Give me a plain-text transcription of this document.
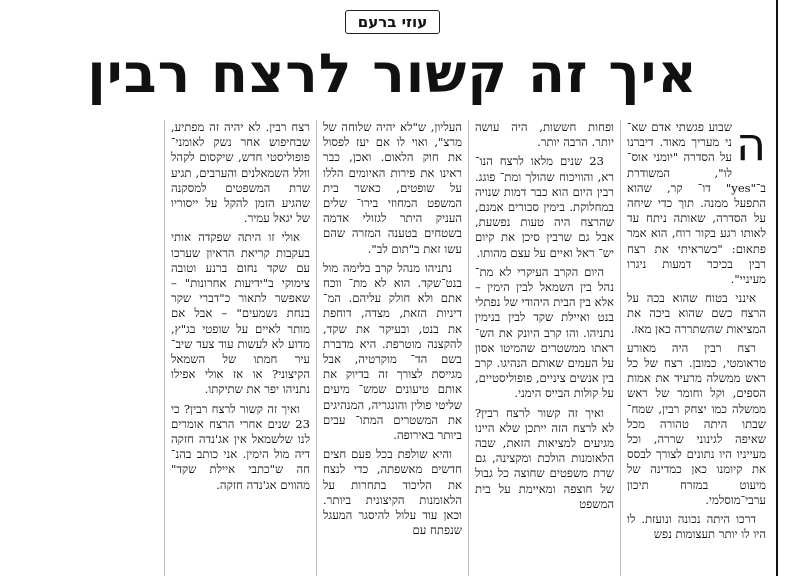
עוזי ברעם
איך זה קשור לרצח רבין
ה

שבוע פגשתי אדם שא־ ני מעריך מאוד. דיברנו על הסדרה "יומני אוס־ לו", המשודרת ב־"yes" דו־ קר, שהוא התפעל ממנה. תוך כדי שיחה על הסדרה, שאותה ניתח עד לאותו רגע בקור רוח, הוא אמר פתאום: "כשראיתי את רצח רבין בכיכר דמעות ניגרו מעיניי".

אינני בטוח שהוא בכה על הרצח כשם שהוא ביכה את המציאות שהשתררה כאן מאז.

רצח רבין היה מאורע טראומטי, כמובן. רצח של כל ראש ממשלה מרעיד את אמות הספים, וקל וחומר של ראש ממשלה כמו יצחק רבין, שמח־ שבתו היתה טהורה מכל שאיפה לגינוני שררה, וכל מעייניו היו נתונים לצורך לבסס את קיומנו כאן כמדינה של מיעוט במזרח תיכון ערבי־מוסלמי.

דרכו היתה נכונה ונועזת. לו היו לו יותר תעצומות נפש

ופחות חששות, היה עושה יותר. הרבה יותר.

23 שנים מלאו לרצח הנו־ רא, והוויכוח שהולך ומת־ פוגג. רבין היום הוא כבר דמות שנויה במחלוקת. בימין סבורים אמנם, שהרצח היה טעות נפשעת, אבל גם שרבין סיכן את קיום יש־ ראל ואיים על עצם מהותו.

היום הקרב העיקרי לא מת־ נהל בין השמאל לבין הימין – אלא בין הבית היהודי של נפתלי בנט ואיילת שקד לבין בנימין נתניהו. והו קרב היונק את הש־ ראתו ממשטרים שהמיטו אסון על העמים שאותם הנהיגו. קרב בין אנשים ציניים, פופוליסטיים, על קולות הבייס הימני.

ואיך זה קשור לרצח רבין? לא לרצח הזה ייתכן שלא היינו מגיעים למציאות הזאת, שבה הלאומנות הולכת ומקצינה, גם שרת משפטים שחוצה כל גבול של חוצפה ומאיימת על בית המשפט

העליון, ש"לא יהיה שלוחה של מרצ", ואוי לו אם יעז לפסול את חוק הלאום. ואכן, כבר ראינו את פירות האיומים הללו על שופטים, כאשר בית המשפט המחוזי בירו־ שלים העניק היתר לגזולי אדמה בשטחים בטענה המזרה שהם עשו זאת ב"תום לב".

נתניהו מנהל קרב בלימה מול בנט־שקד. הוא לא מת־ ווכח אתם ולא חולק עליהם. המ־ דיניות הזאת, מצדה, דוחפת את בנט, ובעיקר את שקד, להקצנה מוטרפת. היא מדברת בשם הד־ מוקרטיה, אבל מגייסת לצורך זה בדיוק את אותם טיעונים שמש־ מיעים שליטי פולין והונגריה, המנהיגים את המשטרים המתו־ עבים ביותר באירופה.

והיא שולפת בכל פעם חצים חדשים מאשפתה, כדי לנצח את הליכוד בתחרות על הלאומנות הקיצונית ביותר. וכאן עוד עלול להיסגר המעגל שנפתח עם

רצח רבין. לא יהיה זה מפתיע, שבחיפוש אחר נשק לאומני־ פופוליסטי חדש, שיקסום לקהל וולל השמאלנים והערבים, תגיע שרת המשפטים למסקנה שהגיע הזמן להקל על ייסוריו של יגאל עמיר.

אולי זו היתה שפקדה אותי בעקבות קריאת הראיון שערכו עם שקד נחום ברנע וטובה צימוקי ב"ידיעות אחרונות" – שאפשר לתאור כ"דברי שקר בנחת נשמעים" – אבל אם מותר לאיים על שופטי בג"ץ, מדוע לא לעשות עוד צעד שיב־ עיר חמתו של השמאל הקיצוני? או אז אולי אפילו נתניהו יפר את שתיקתו.

ואיך זה קשור לרצח רבין? כי 23 שנים אחרי הרצח אומרים לנו שלשמאל אין אג'נדה חזקה דיה מול הימין. אני כותב בהנ־ חה ש"כתבי איילת שקד" מהווים אג'נדה חזקה.
